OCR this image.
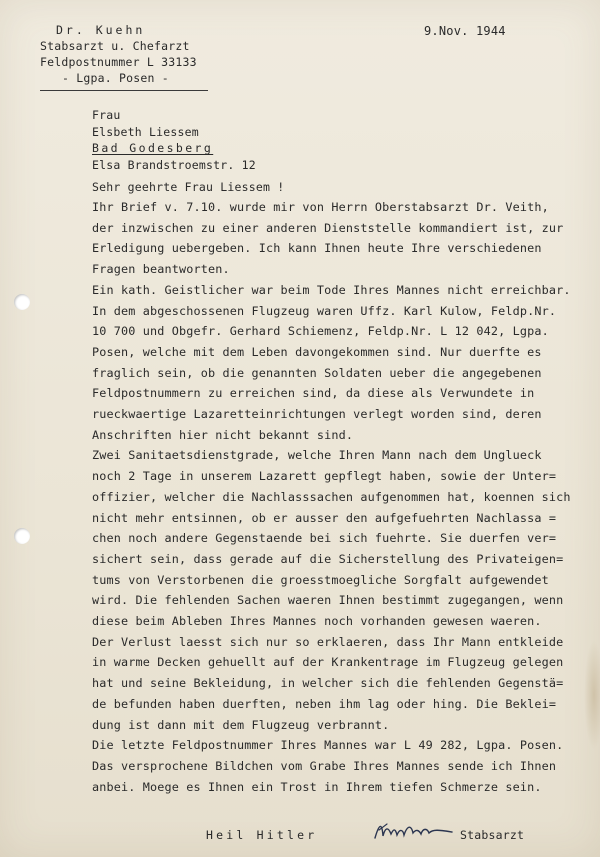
Dr. Kuehn
Stabsarzt u. Chefarzt
Feldpostnummer L 33133
- Lgpa. Posen -
9.Nov. 1944
Frau
Elsbeth Liessem
Bad Godesberg
Elsa Brandstroemstr. 12
Sehr geehrte Frau Liessem !
Ihr Brief v. 7.10. wurde mir von Herrn Oberstabsarzt Dr. Veith,
der inzwischen zu einer anderen Dienststelle kommandiert ist, zur
Erledigung uebergeben. Ich kann Ihnen heute Ihre verschiedenen
Fragen beantworten.
Ein kath. Geistlicher war beim Tode Ihres Mannes nicht erreichbar.
In dem abgeschossenen Flugzeug waren Uffz. Karl Kulow, Feldp.Nr.
10 700 und Obgefr. Gerhard Schiemenz, Feldp.Nr. L 12 042, Lgpa.
Posen, welche mit dem Leben davongekommen sind. Nur duerfte es
fraglich sein, ob die genannten Soldaten ueber die angegebenen
Feldpostnummern zu erreichen sind, da diese als Verwundete in
rueckwaertige Lazaretteinrichtungen verlegt worden sind, deren
Anschriften hier nicht bekannt sind.
Zwei Sanitaetsdienstgrade, welche Ihren Mann nach dem Unglueck
noch 2 Tage in unserem Lazarett gepflegt haben, sowie der Unter=
offizier, welcher die Nachlasssachen aufgenommen hat, koennen sich
nicht mehr entsinnen, ob er ausser den aufgefuehrten Nachlassa =
chen noch andere Gegenstaende bei sich fuehrte. Sie duerfen ver=
sichert sein, dass gerade auf die Sicherstellung des Privateigen=
tums von Verstorbenen die groesstmoegliche Sorgfalt aufgewendet
wird. Die fehlenden Sachen waeren Ihnen bestimmt zugegangen, wenn
diese beim Ableben Ihres Mannes noch vorhanden gewesen waeren.
Der Verlust laesst sich nur so erklaeren, dass Ihr Mann entkleide
in warme Decken gehuellt auf der Krankentrage im Flugzeug gelegen
hat und seine Bekleidung, in welcher sich die fehlenden Gegenstä=
de befunden haben duerften, neben ihm lag oder hing. Die Beklei=
dung ist dann mit dem Flugzeug verbrannt.
Die letzte Feldpostnummer Ihres Mannes war L 49 282, Lgpa. Posen.
Das versprochene Bildchen vom Grabe Ihres Mannes sende ich Ihnen
anbei. Moege es Ihnen ein Trost in Ihrem tiefen Schmerze sein.
Heil Hitler	Stabsarzt
